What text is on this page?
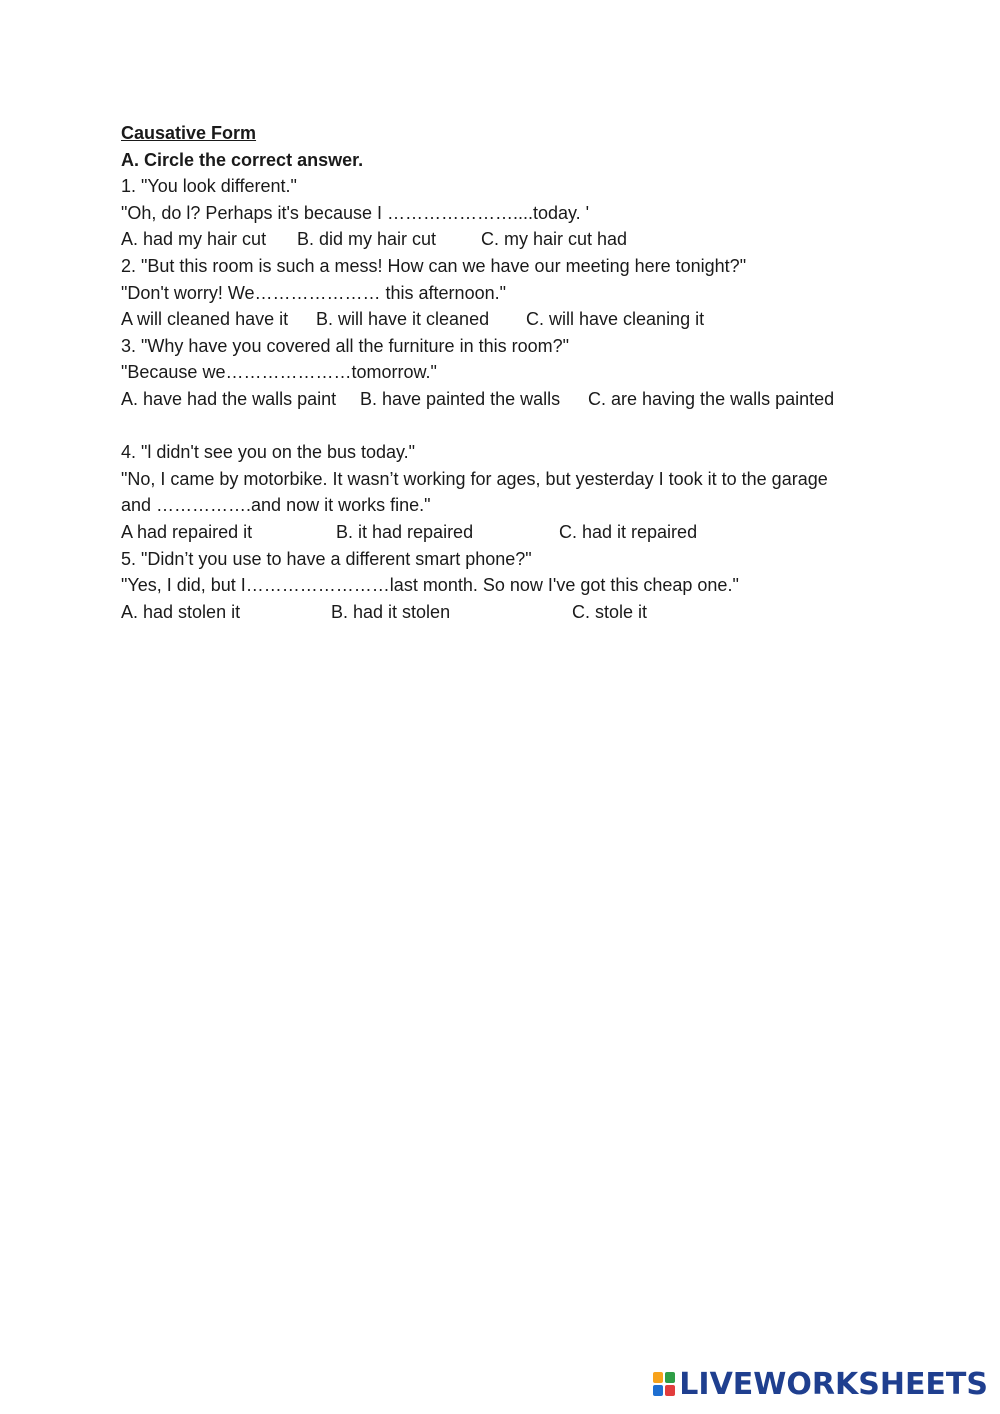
Causative Form
A. Circle the correct answer.
1. "You look different."
"Oh, do l? Perhaps it's because I …………………....today. '

A. had my hair cut

B. did my hair cut

C. my hair cut had

2. "But this room is such a mess! How can we have our meeting here tonight?"
"Don't worry! We………………… this afternoon."

A will cleaned have it

B. will have it cleaned

C. will have cleaning it

3. "Why have you covered all the furniture in this room?"
"Because we…………………tomorrow."

A. have had the walls paint

B. have painted the walls

C. are having the walls painted

4. "l didn't see you on the bus today."
"No, I came by motorbike. It wasn’t working for ages, but yesterday I took it to the garage
and …………….and now it works fine."

A had repaired it

	B. it had repaired

	C. had it repaired

5. "Didn’t you use to have a different smart phone?"
"Yes, I did, but I……………………last month. So now I've got this cheap one."

A. had stolen it

	B. had it stolen

	C. stole it

LIVEWORKSHEETS
